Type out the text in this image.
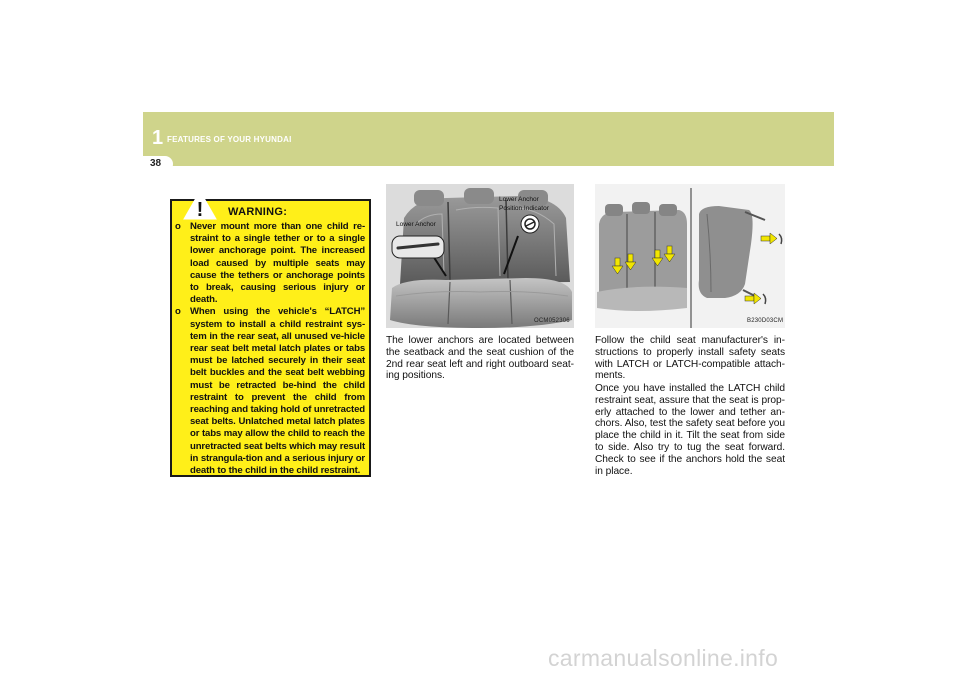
1 FEATURES OF YOUR HYUNDAI
38
! WARNING:
o Never mount more than one child re-straint to a single tether or to a single lower anchorage point. The increased load caused by multiple seats may cause the tethers or anchorage points to break, causing serious injury or death.
o When using the vehicle's “LATCH” system to install a child restraint sys-tem in the rear seat, all unused ve-hicle rear seat belt metal latch plates or tabs must be latched securely in their seat belt buckles and the seat belt webbing must be retracted be-hind the child restraint to prevent the child from reaching and taking hold of unretracted seat belts. Unlatched metal latch plates or tabs may allow the child to reach the unretracted seat belts which may result in strangula-tion and a serious injury or death to the child in the child restraint.
Lower Anchor
Lower Anchor
Position Indicator
OCM052306	B230D03CM

The lower anchors are located between the seatback and the seat cushion of the 2nd rear seat left and right outboard seat-ing positions.

Follow the child seat manufacturer's in-structions to properly install safety seats with LATCH or LATCH-compatible attach-ments.

Once you have installed the LATCH child restraint seat, assure that the seat is prop-erly attached to the lower and tether an-chors. Also, test the safety seat before you place the child in it. Tilt the seat from side to side. Also try to tug the seat forward. Check to see if the anchors hold the seat in place.

carmanualsonline.info
